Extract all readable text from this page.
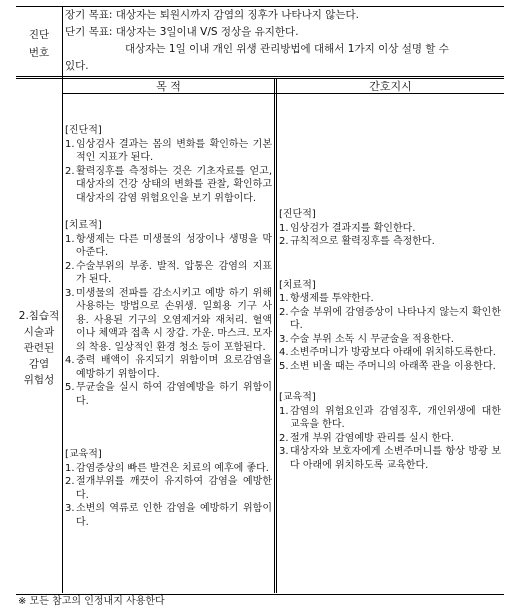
진단
번호
장기 목표: 대상자는 퇴원시까지 감염의 징후가 나타나지 않는다.
단기 목표: 대상자는 3일이내 V/S 정상을 유지한다.
대상자는 1일 이내 개인 위생 관리방법에 대해서 1가지 이상 설명 할 수
있다.
목 적	간호지시
2.침습적
시술과
관련된
감염
위험성
[진단적]
1. 임상검사 결과는 몸의 변화를 확인하는 기본적인 지표가 된다.
2. 활력징후를 측정하는 것은 기초자료를 얻고, 대상자의 건강 상태의 변화를 관찰, 확인하고 대상자의 감염 위험요인을 보기 위함이다.
[치료적]
1. 항생제는 다른 미생물의 성장이나 생명을 막아준다.
2. 수술부위의 부종. 발적. 압통은 감염의 지표가 된다.
3. 미생물의 전파를 감소시키고 예방 하기 위해 사용하는 방법으로 손위생. 일회용 기구 사용. 사용된 기구의 오염제거와 재처리. 혈액이나 체액과 접촉 시 장갑. 가운. 마스크. 모자의 착용. 일상적인 환경 청소 등이 포함된다.
4. 중력 배액이 유지되기 위함이며 요로감염을 예방하기 위함이다.
5. 무균술을 실시 하여 감염예방을 하기 위함이다.
[교육적]
1. 감염증상의 빠른 발견은 치료의 예후에 좋다.
2. 절개부위를 깨끗이 유지하여 감염을 예방한다.
3. 소변의 역류로 인한 감염을 예방하기 위함이다.
[진단적]
1. 임상검가 결과지를 확인한다.
2. 규칙적으로 활력징후를 측정한다.
[치료적]
1. 항생제를 투약한다.
2. 수술 부위에 감염증상이 나타나지 않는지 확인한다.
3. 수술 부위 소독 시 무균술을 적용한다.
4. 소변주머니가 방광보다 아래에 위치하도록한다.
5. 소변 비울 때는 주머니의 아래쪽 관을 이용한다.
[교육적]
1. 감염의 위험요인과 감염징후, 개인위생에 대한 교육을 한다.
2. 절개 부위 감염예방 관리를 실시 한다.
3. 대상자와 보호자에게 소변주머니를 항상 방광 보다 아래에 위치하도록 교육한다.
※ 모든 참고의 인정내지 사용한다
